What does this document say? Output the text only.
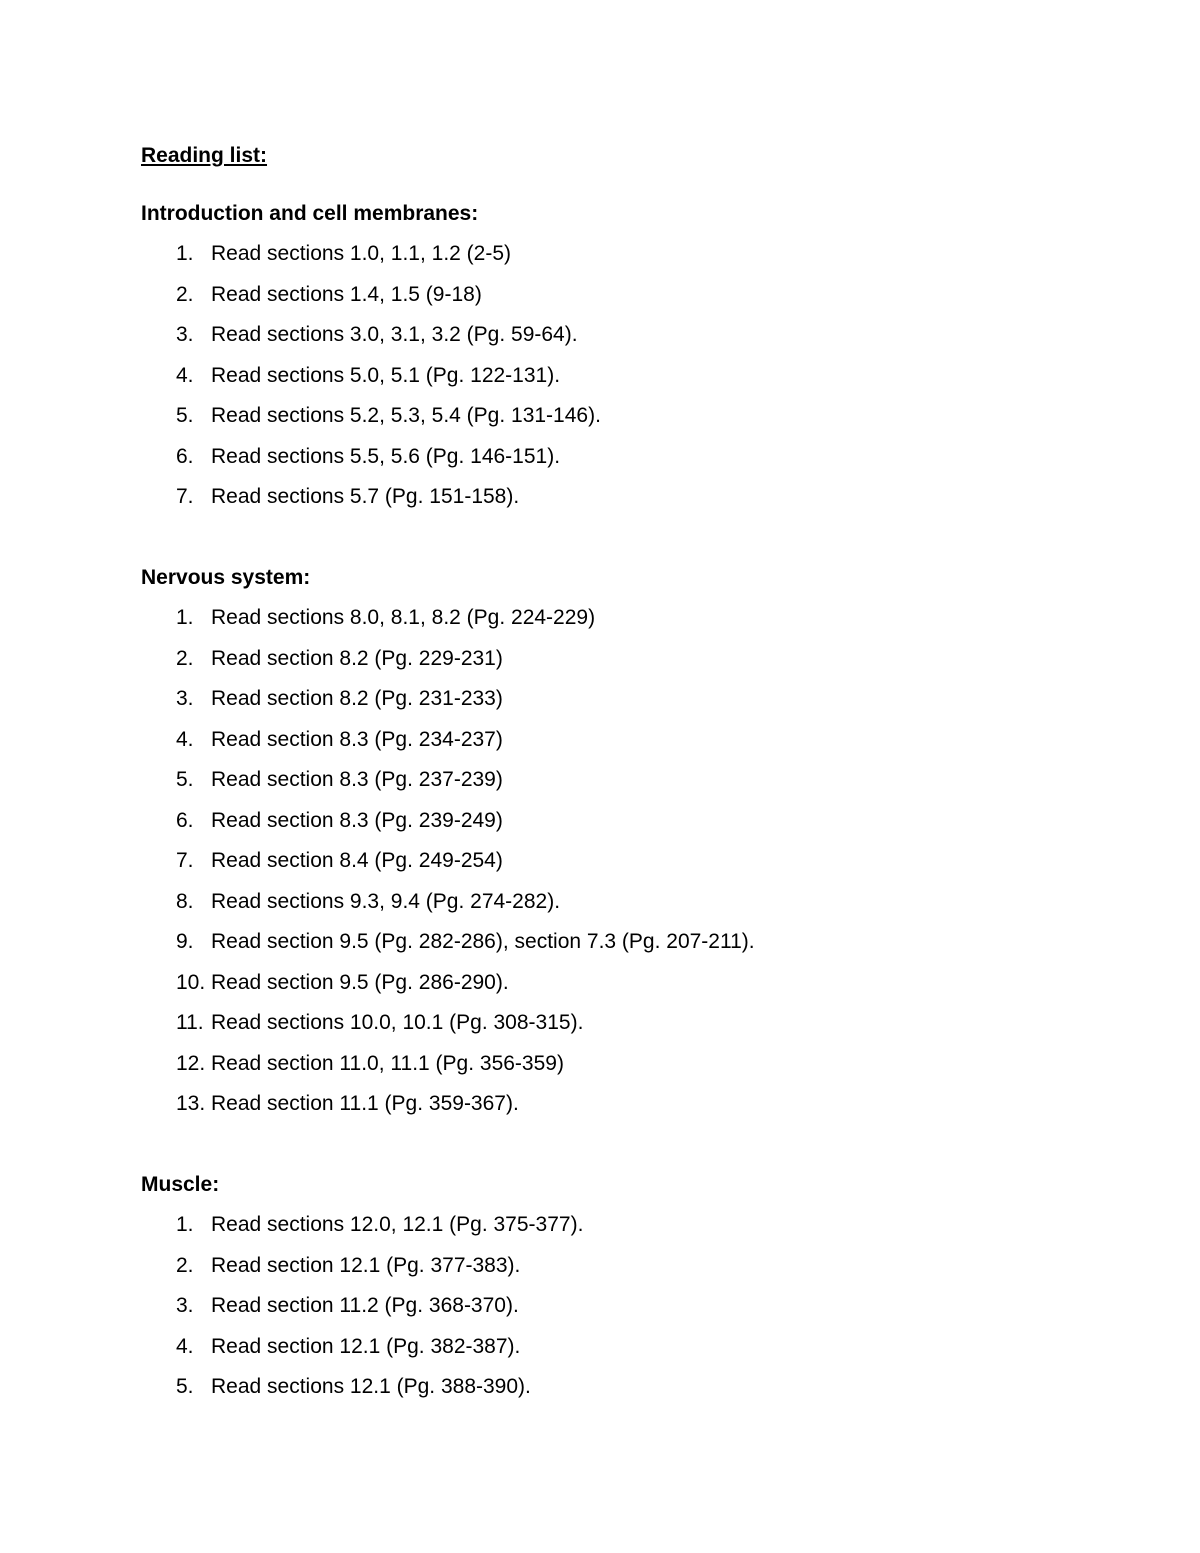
Reading list:
Introduction and cell membranes:
1. Read sections 1.0, 1.1, 1.2 (2-5)
2. Read sections 1.4, 1.5 (9-18)
3. Read sections 3.0, 3.1, 3.2 (Pg. 59-64).
4. Read sections 5.0, 5.1 (Pg. 122-131).
5. Read sections 5.2, 5.3, 5.4 (Pg. 131-146).
6. Read sections 5.5, 5.6 (Pg. 146-151).
7. Read sections 5.7 (Pg. 151-158).
Nervous system:
1. Read sections 8.0, 8.1, 8.2 (Pg. 224-229)
2. Read section 8.2 (Pg. 229-231)
3. Read section 8.2 (Pg. 231-233)
4. Read section 8.3 (Pg. 234-237)
5. Read section 8.3 (Pg. 237-239)
6. Read section 8.3 (Pg. 239-249)
7. Read section 8.4 (Pg. 249-254)
8. Read sections 9.3, 9.4 (Pg. 274-282).
9. Read section 9.5 (Pg. 282-286), section 7.3 (Pg. 207-211).
10. Read section 9.5 (Pg. 286-290).
11. Read sections 10.0, 10.1 (Pg. 308-315).
12. Read section 11.0, 11.1 (Pg. 356-359)
13. Read section 11.1 (Pg. 359-367).
Muscle:
1. Read sections 12.0, 12.1 (Pg. 375-377).
2. Read section 12.1 (Pg. 377-383).
3. Read section 11.2 (Pg. 368-370).
4. Read section 12.1 (Pg. 382-387).
5. Read sections 12.1 (Pg. 388-390).
